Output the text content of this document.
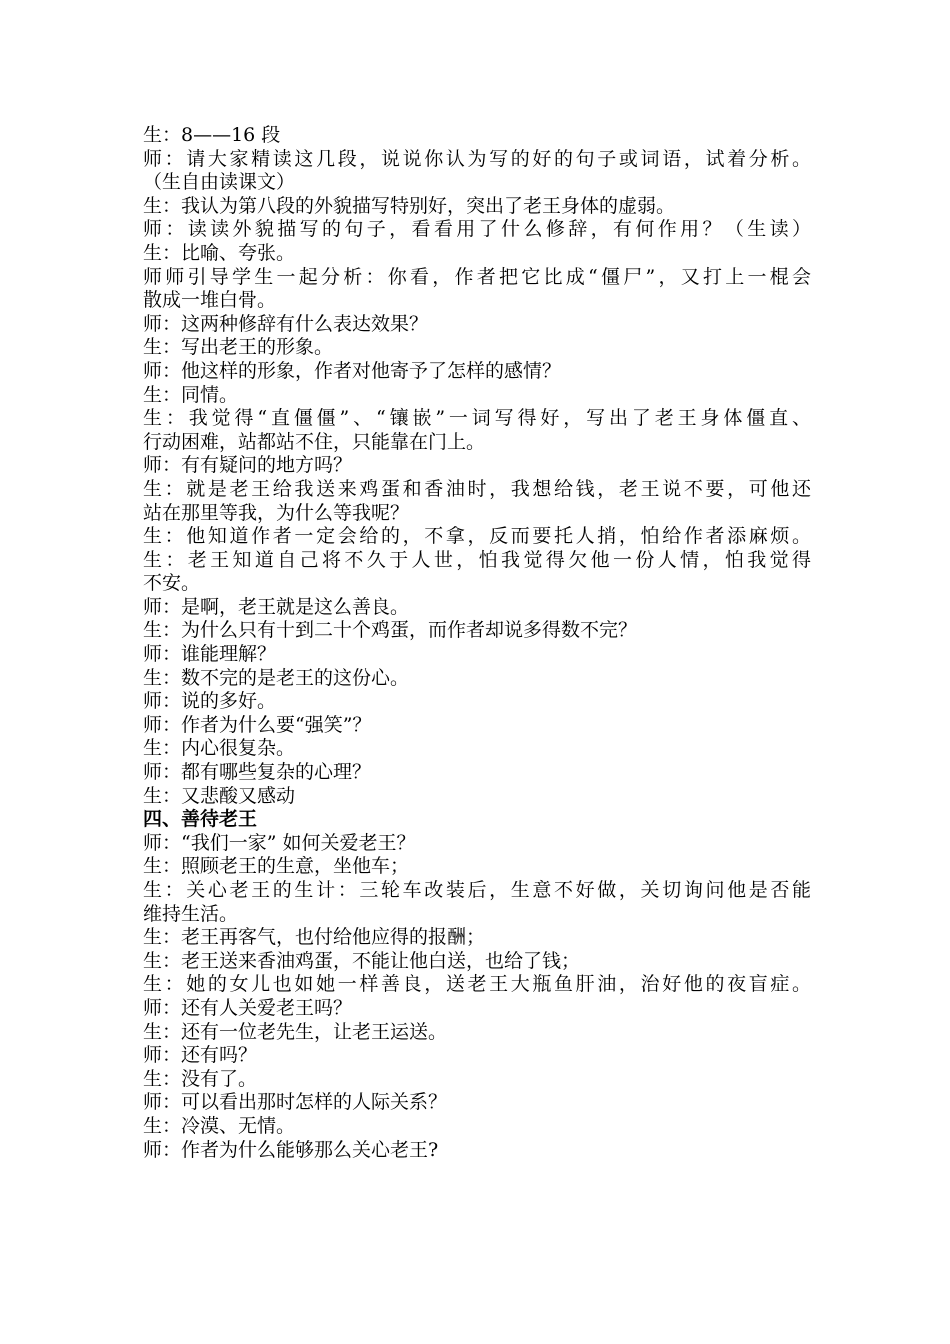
生：8——16 段
师：请大家精读这几段，说说你认为写的好的句子或词语，试着分析。
（生自由读课文）
生：我认为第八段的外貌描写特别好，突出了老王身体的虚弱。
师：读读外貌描写的句子，看看用了什么修辞，有何作用？（生读）
生：比喻、夸张。
师师引导学生一起分析：你看，作者把它比成“僵尸”，又打上一棍会
散成一堆白骨。
师：这两种修辞有什么表达效果？
生：写出老王的形象。
师：他这样的形象，作者对他寄予了怎样的感情？
生：同情。
生：我觉得“直僵僵”、“镶嵌”一词写得好，写出了老王身体僵直、
行动困难，站都站不住，只能靠在门上。
师：有有疑问的地方吗？
生：就是老王给我送来鸡蛋和香油时，我想给钱，老王说不要，可他还
站在那里等我，为什么等我呢？
生：他知道作者一定会给的，不拿，反而要托人捎，怕给作者添麻烦。
生：老王知道自己将不久于人世，怕我觉得欠他一份人情，怕我觉得
不安。
师：是啊，老王就是这么善良。
生：为什么只有十到二十个鸡蛋，而作者却说多得数不完？
师：谁能理解？
生：数不完的是老王的这份心。
师：说的多好。
师：作者为什么要“强笑”？
生：内心很复杂。
师：都有哪些复杂的心理？
生：又悲酸又感动
四、善待老王
师：“我们一家” 如何关爱老王？
生：照顾老王的生意，坐他车；
生：关心老王的生计：三轮车改装后，生意不好做，关切询问他是否能
维持生活。
生：老王再客气，也付给他应得的报酬；
生：老王送来香油鸡蛋，不能让他白送，也给了钱；
生：她的女儿也如她一样善良，送老王大瓶鱼肝油，治好他的夜盲症。
师：还有人关爱老王吗？
生：还有一位老先生，让老王运送。
师：还有吗？
生：没有了。
师：可以看出那时怎样的人际关系？
生：冷漠、无情。
师：作者为什么能够那么关心老王?
